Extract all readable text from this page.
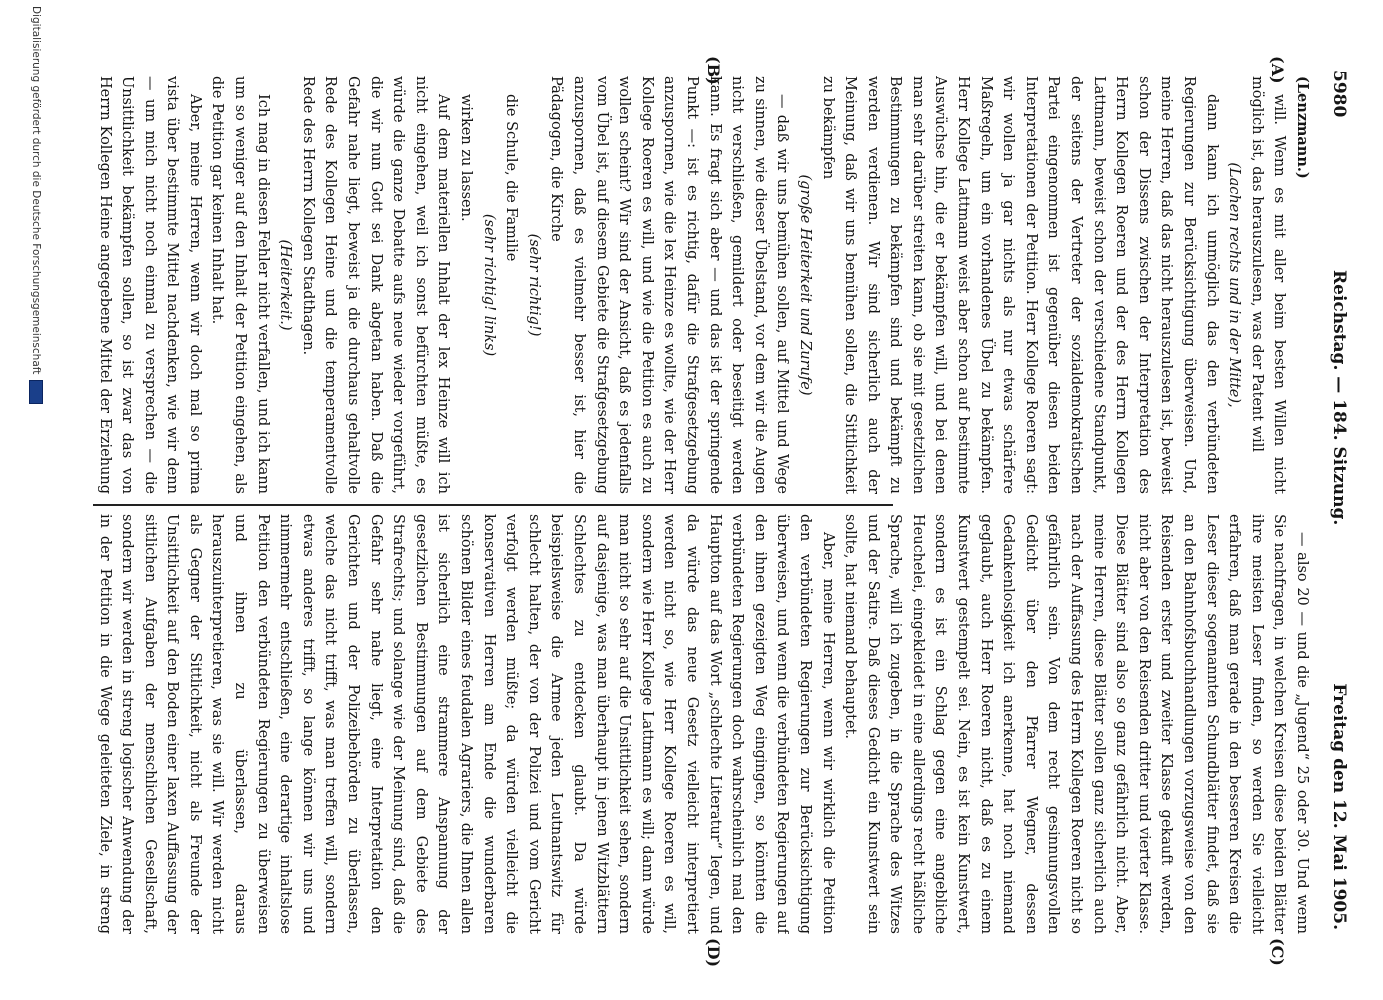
5980
Reichstag. — 184. Sitzung.
Freitag den 12. Mai 1905.
(A)
(B)
(C)
(D)

(Lenzmann.)

will. Wenn es mit aller beim besten Willen nicht möglich ist, das herauszulesen, was der Patent will

(Lachen rechts und in der Mitte),

dann kann ich unmöglich das den verbündeten Regierungen zur Berücksichtigung überweisen. Und, meine Herren, daß das nicht herauszulesen ist, beweist schon der Dissens zwischen der Interpretation des Herrn Kollegen Roeren und der des Herrn Kollegen Lattmann, beweist schon der verschiedene Standpunkt, der seitens der Vertreter der sozialdemokratischen Partei eingenommen ist gegenüber diesen beiden Interpretationen der Petition. Herr Kollege Roeren sagt: wir wollen ja gar nichts als nur etwas schärfere Maßregeln, um ein vorhandenes Übel zu bekämpfen. Herr Kollege Lattmann weist aber schon auf bestimmte Auswüchse hin, die er bekämpfen will, und bei denen man sehr darüber streiten kann, ob sie mit gesetzlichen Bestimmungen zu bekämpfen sind und bekämpft zu werden verdienen. Wir sind sicherlich auch der Meinung, daß wir uns bemühen sollen, die Sittlichkeit zu bekämpfen

(große Heiterkeit und Zurufe)

— daß wir uns bemühen sollen, auf Mittel und Wege zu sinnen, wie dieser Übelstand, vor dem wir die Augen nicht verschließen, gemildert oder beseitigt werden kann. Es fragt sich aber — und das ist der springende Punkt —: ist es richtig, dafür die Strafgesetzgebung anzuspornen, wie die lex Heinze es wollte, wie der Herr Kollege Roeren es will, und wie die Petition es auch zu wollen scheint? Wir sind der Ansicht, daß es jedenfalls vom Übel ist, auf diesem Gebiete die Strafgesetzgebung anzuspornen, daß es vielmehr besser ist, hier die Pädagogen, die Kirche

(sehr richtig!)

die Schule, die Familie

(sehr richtig! links)

wirken zu lassen.

Auf dem materiellen Inhalt der lex Heinze will ich nicht eingehen, weil ich sonst befürchten müßte, es würde die ganze Debatte aufs neue wieder vorgeführt, die wir nun Gott sei Dank abgetan haben. Daß die Gefahr nahe liegt, beweist ja die durchaus gehaltvolle Rede des Kollegen Heine und die temperamentvolle Rede des Herrn Kollegen Stadthagen.

(Heiterkeit.)

Ich mag in diesen Fehler nicht verfallen, und ich kann um so weniger auf den Inhalt der Petition eingehen, als die Petition gar keinen Inhalt hat.

Aber, meine Herren, wenn wir doch mal so prima vista über bestimmte Mittel nachdenken, wie wir denn — um mich nicht noch einmal zu versprechen — die Unsittlichkeit bekämpfen sollen, so ist zwar das von Herrn Kollegen Heine angegebene Mittel der Erziehung

— also 20 — und die „Jugend“ 25 oder 30. Und wenn Sie nachfragen, in welchen Kreisen diese beiden Blätter ihre meisten Leser finden, so werden Sie vielleicht erfahren, daß man gerade in den besseren Kreisen die Leser dieser sogenannten Schundblätter findet, daß sie an den Bahnhofsbuchhandlungen vorzugsweise von den Reisenden erster und zweiter Klasse gekauft werden, nicht aber von den Reisenden dritter und vierter Klasse. Diese Blätter sind also so ganz gefährlich nicht. Aber, meine Herren, diese Blätter sollen ganz sicherlich auch nach der Auffassung des Herrn Kollegen Roeren nicht so gefährlich sein. Von dem recht gesinnungsvollen Gedicht über den Pfarrer Wegner, dessen Gedankenlosigkeit ich anerkenne, hat noch niemand geglaubt, auch Herr Roeren nicht, daß es zu einem Kunstwert gestempelt sei. Nein, es ist kein Kunstwert, sondern es ist ein Schlag gegen eine angebliche Heuchelei, eingekleidet in eine allerdings recht häßliche Sprache, will ich zugeben, in die Sprache des Witzes und der Satire. Daß dieses Gedicht ein Kunstwert sein sollte, hat niemand behauptet.

Aber, meine Herren, wenn wir wirklich die Petition den verbündeten Regierungen zur Berücksichtigung überweisen, und wenn die verbündeten Regierungen auf den ihnen gezeigten Weg eingingen, so könnten die verbündeten Regierungen doch wahrscheinlich mal den Hauptton auf das Wort „schlechte Literatur“ legen, und da würde das neue Gesetz vielleicht interpretiert werden nicht so, wie Herr Kollege Roeren es will, sondern wie Herr Kollege Lattmann es will; dann würde man nicht so sehr auf die Unsittlichkeit sehen, sondern auf dasjenige, was man überhaupt in jenen Witzblättern Schlechtes zu entdecken glaubt. Da würde beispielsweise die Armee jeden Leutnantswitz für schlecht halten, der von der Polizei und vom Gericht verfolgt werden müßte; da würden vielleicht die konservativen Herren am Ende die wunderbaren schönen Bilder eines feudalen Agrariers, die Ihnen allen ist sicherlich eine strammere Anspannung der gesetzlichen Bestimmungen auf dem Gebiete des Strafrechts; und solange wie der Meinung sind, daß die Gefahr sehr nahe liegt, eine Interpretation den Gerichten und der Polizeibehörden zu überlassen, welche das nicht trifft, was man treffen will, sondern etwas anderes trifft, so lange können wir uns und nimmermehr entschließen, eine derartige inhaltslose Petition den verbündeten Regierungen zu überweisen und ihnen zu überlassen, daraus herauszuinterpretieren, was sie will. Wir werden nicht als Gegner der Sittlichkeit, nicht als Freunde der Unsittlichkeit auf den Boden einer laxen Auffassung der sittlichen Aufgaben der menschlichen Gesellschaft, sondern wir werden in streng logischer Anwendung der in der Petition in die Wege geleiteten Ziele, in streng

Digitalisierung gefördert durch die Deutsche Forschungsgemeinschaft
